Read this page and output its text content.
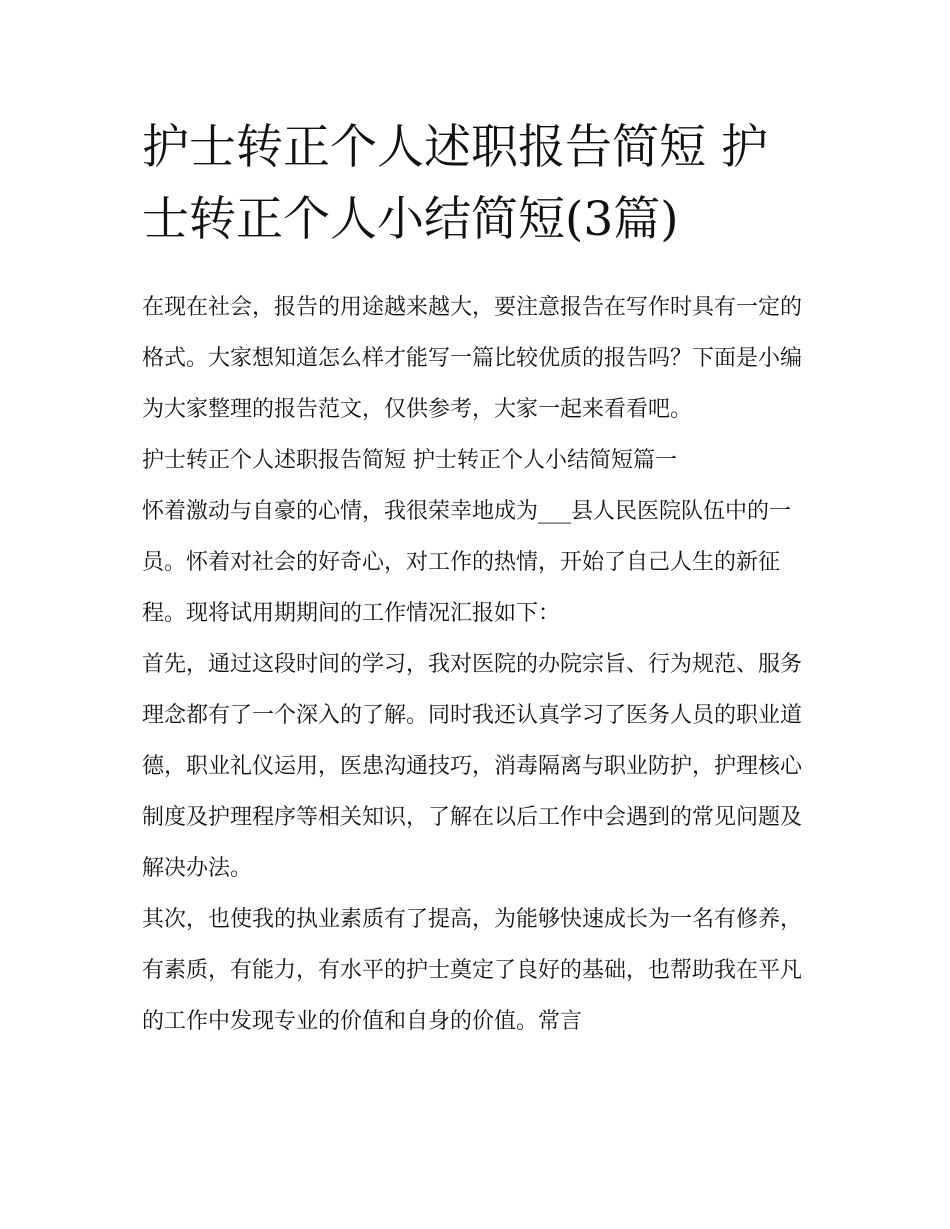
护士转正个人述职报告简短 护士转正个人小结简短(3篇)

在现在社会，报告的用途越来越大，要注意报告在写作时具有一定的格式。大家想知道怎么样才能写一篇比较优质的报告吗？下面是小编为大家整理的报告范文，仅供参考，大家一起来看看吧。

护士转正个人述职报告简短 护士转正个人小结简短篇一

怀着激动与自豪的心情，我很荣幸地成为___县人民医院队伍中的一员。怀着对社会的好奇心，对工作的热情，开始了自己人生的新征程。现将试用期期间的工作情况汇报如下：

首先，通过这段时间的学习，我对医院的办院宗旨、行为规范、服务理念都有了一个深入的了解。同时我还认真学习了医务人员的职业道德，职业礼仪运用，医患沟通技巧，消毒隔离与职业防护，护理核心制度及护理程序等相关知识，了解在以后工作中会遇到的常见问题及解决办法。

其次，也使我的执业素质有了提高，为能够快速成长为一名有修养，有素质，有能力，有水平的护士奠定了良好的基础，也帮助我在平凡的工作中发现专业的价值和自身的价值。常言
